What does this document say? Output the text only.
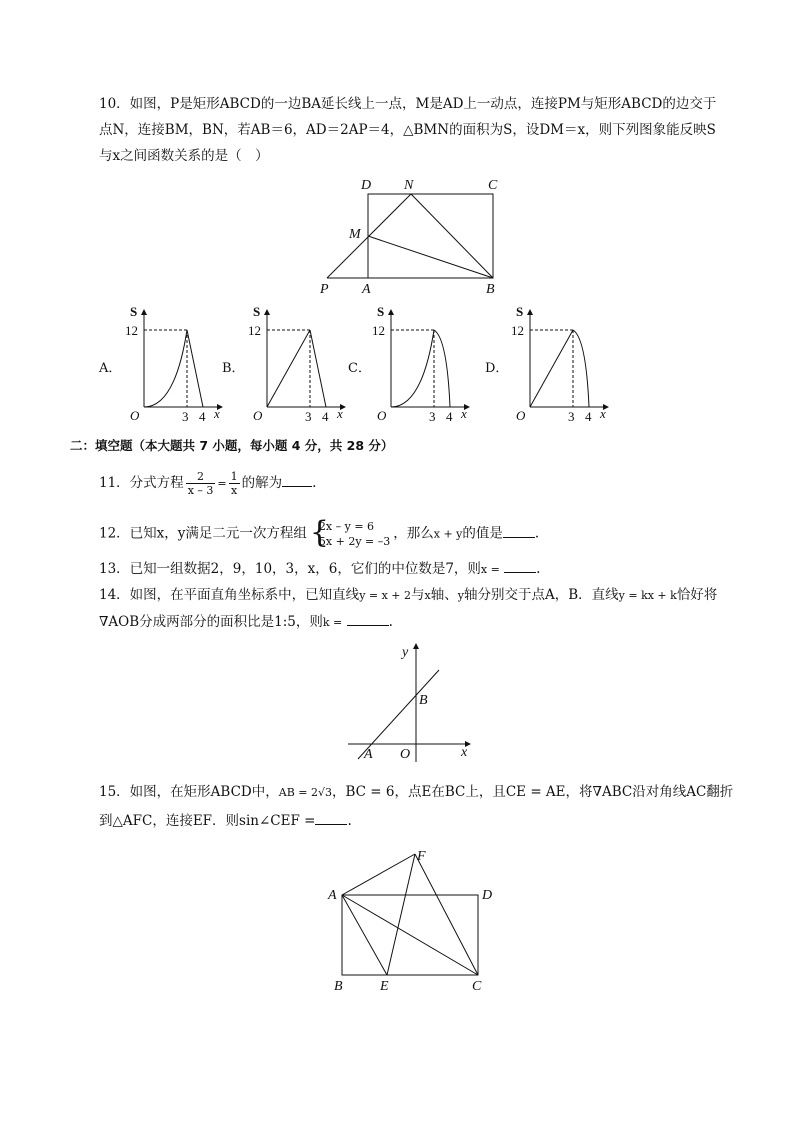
10．如图，P是矩形ABCD的一边BA延长线上一点，M是AD上一动点，连接PM与矩形ABCD的边交于
点N，连接BM，BN，若AB＝6，AD＝2AP＝4，△BMN的面积为S，设DM＝x，则下列图象能反映S
与x之间函数关系的是（　）
D N	C
M
P A	B
A．	B．	C．	D．
S
12
O	3 4 x
S
12
O	3 4 x
S
12
O	3 4 x
S
12
O	3 4 x
二：填空题（本大题共 7 小题，每小题 4 分，共 28 分）
11．分式方程 $\frac{2}{x - 3} = \frac{1}{x}$ 的解为 .
12．已知x，y满足二元一次方程组 {
2x – y = 6
5x + 2y = –3 ，那么x + y的值是 .
13．已知一组数据2，9，10，3，x，6，它们的中位数是7，则x =	.
14．如图，在平面直角坐标系中，已知直线y = x + 2与x轴、y轴分别交于点A，B．直线y = kx + k恰好将
∇AOB分成两部分的面积比是1:5，则k =	.
y
B
A O	x
15．如图，在矩形ABCD中，AB = 2√3，BC = 6，点E在BC上，且CE = AE，将∇ABC沿对角线AC翻折
到△AFC，连接EF．则sin∠CEF = .
F
A	D
B	E	C
